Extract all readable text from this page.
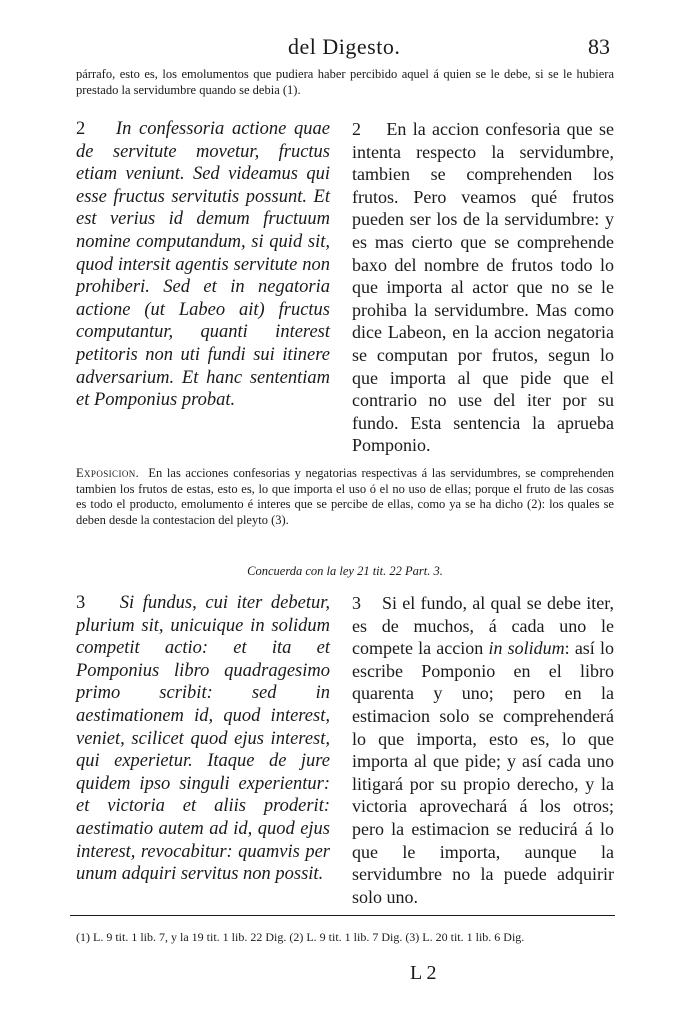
del Digesto.	83
párrafo, esto es, los emolumentos que pudiera haber percibido aquel á quien se le debe, si se le hubiera prestado la servidumbre quando se debia (1).

2 In confessoria actione quae de servitute movetur, fructus etiam veniunt. Sed videamus qui esse fructus servitutis possunt. Et est verius id demum fructuum nomine computandum, si quid sit, quod intersit agentis servitute non prohiberi. Sed et in negatoria actione (ut Labeo ait) fructus computantur, quanti interest petitoris non uti fundi sui itinere adversarium. Et hanc sententiam et Pomponius probat.

2 En la accion confesoria que se intenta respecto la servidumbre, tambien se comprehenden los frutos. Pero veamos qué frutos pueden ser los de la servidumbre: y es mas cierto que se comprehende baxo del nombre de frutos todo lo que importa al actor que no se le prohiba la servidumbre. Mas como dice Labeon, en la accion negatoria se computan por frutos, segun lo que importa al que pide que el contrario no use del iter por su fundo. Esta sentencia la aprueba Pomponio.

Exposicion. En las acciones confesorias y negatorias respectivas á las servidumbres, se comprehenden tambien los frutos de estas, esto es, lo que importa el uso ó el no uso de ellas; porque el fruto de las cosas es todo el producto, emolumento é interes que se percibe de ellas, como ya se ha dicho (2): los quales se deben desde la contestacion del pleyto (3).
Concuerda con la ley 21 tit. 22 Part. 3.

3 Si fundus, cui iter debetur, plurium sit, unicuique in solidum competit actio: et ita et Pomponius libro quadragesimo primo scribit: sed in aestimationem id, quod interest, veniet, scilicet quod ejus interest, qui experietur. Itaque de jure quidem ipso singuli experientur: et victoria et aliis proderit: aestimatio autem ad id, quod ejus interest, revocabitur: quamvis per unum adquiri servitus non possit.

3 Si el fundo, al qual se debe iter, es de muchos, á cada uno le compete la accion in solidum: así lo escribe Pomponio en el libro quarenta y uno; pero en la estimacion solo se comprehenderá lo que importa, esto es, lo que importa al que pide; y así cada uno litigará por su propio derecho, y la victoria aprovechará á los otros; pero la estimacion se reducirá á lo que le importa, aunque la servidumbre no la puede adquirir solo uno.

(1) L. 9 tit. 1 lib. 7, y la 19 tit. 1 lib. 22 Dig. (2) L. 9 tit. 1 lib. 7 Dig. (3) L. 20 tit. 1 lib. 6 Dig.
L 2
